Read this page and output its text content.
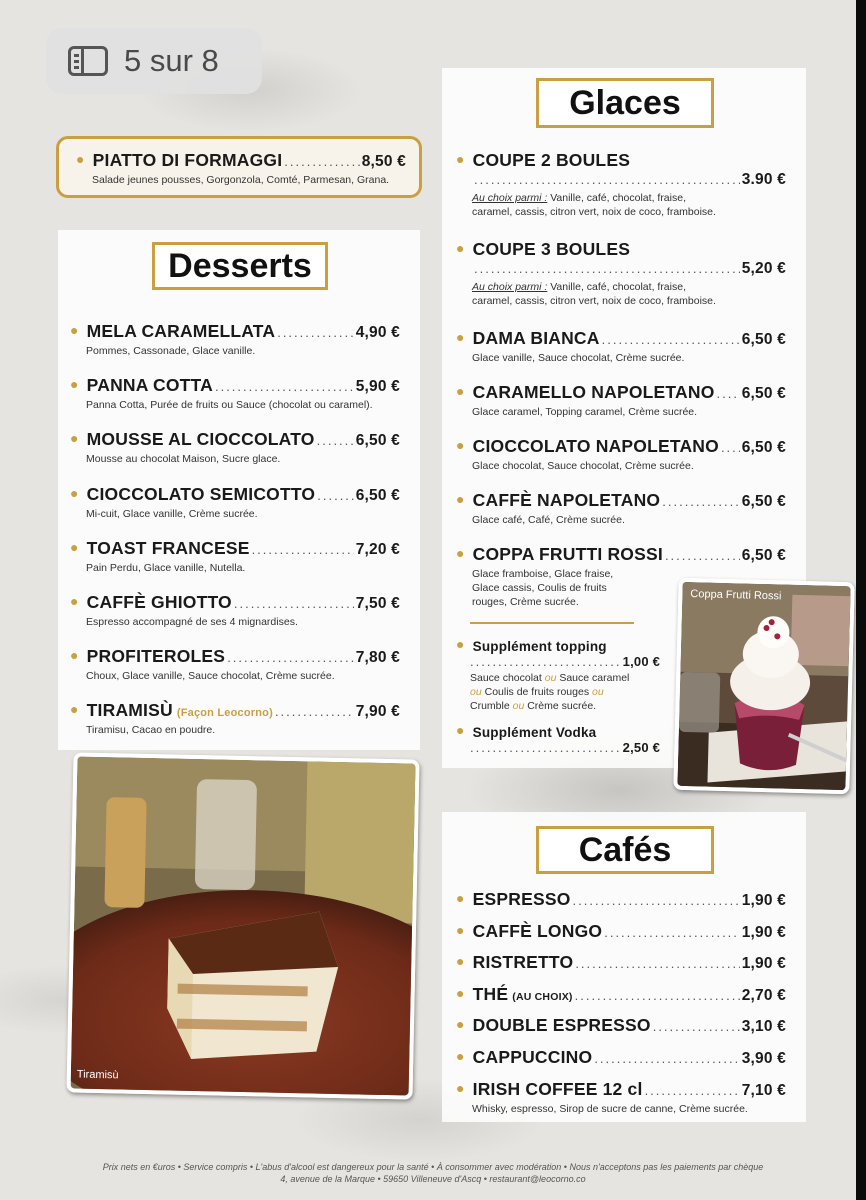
5 sur 8
● PIATTO DI FORMAGGI .....	8,50 €
Salade jeunes pousses, Gorgonzola, Comté, Parmesan, Grana.
Desserts
● MELA CARAMELLATA .....	4,90 €
Pommes, Cassonade, Glace vanille.
● PANNA COTTA .....	5,90 €
Panna Cotta, Purée de fruits ou Sauce (chocolat ou caramel).
● MOUSSE AL CIOCCOLATO .....	6,50 €
Mousse au chocolat Maison, Sucre glace.
● CIOCCOLATO SEMICOTTO .....	6,50 €
Mi-cuit, Glace vanille, Crème sucrée.
● TOAST FRANCESE .....	7,20 €
Pain Perdu, Glace vanille, Nutella.
● CAFFÈ GHIOTTO .....	7,50 €
Espresso accompagné de ses 4 mignardises.
● PROFITEROLES .....	7,80 €
Choux, Glace vanille, Sauce chocolat, Crème sucrée.
● TIRAMISÙ (Façon Leocorno) .....	7,90 €
Tiramisu, Cacao en poudre.
Tiramisù
Glaces
● COUPE 2 BOULES
.....
3.90 €
Au choix parmi : Vanille, café, chocolat, fraise,
caramel, cassis, citron vert, noix de coco, framboise.
● COUPE 3 BOULES
.....
5,20 €
Au choix parmi : Vanille, café, chocolat, fraise,
caramel, cassis, citron vert, noix de coco, framboise.
● DAMA BIANCA .....	6,50 €
Glace vanille, Sauce chocolat, Crème sucrée.
● CARAMELLO NAPOLETANO ..... 6,50 €
Glace caramel, Topping caramel, Crème sucrée.
● CIOCCOLATO NAPOLETANO ..... 6,50 €
Glace chocolat, Sauce chocolat, Crème sucrée.
● CAFFÈ NAPOLETANO .....	6,50 €
Glace café, Café, Crème sucrée.
● COPPA FRUTTI ROSSI .....	6,50 €
Glace framboise, Glace fraise,
Glace cassis, Coulis de fruits
rouges, Crème sucrée.
● Supplément topping
.....
1,00 €
Sauce chocolat ou Sauce caramel
ou Coulis de fruits rouges ou
Crumble ou Crème sucrée.
● Supplément Vodka
.....
2,50 €
Coppa Frutti Rossi
Cafés
● ESPRESSO .....	1,90 €
● CAFFÈ LONGO .....	1,90 €
● RISTRETTO .....	1,90 €
● THÉ (AU CHOIX) .....	2,70 €
● DOUBLE ESPRESSO .....	3,10 €
● CAPPUCCINO .....	3,90 €
● IRISH COFFEE 12 cl .....	7,10 €
Whisky, espresso, Sirop de sucre de canne, Crème sucrée.
Prix nets en €uros • Service compris • L'abus d'alcool est dangereux pour la santé • À consommer avec modération • Nous n'acceptons pas les paiements par chèque
4, avenue de la Marque • 59650 Villeneuve d'Ascq • restaurant@leocorno.co
